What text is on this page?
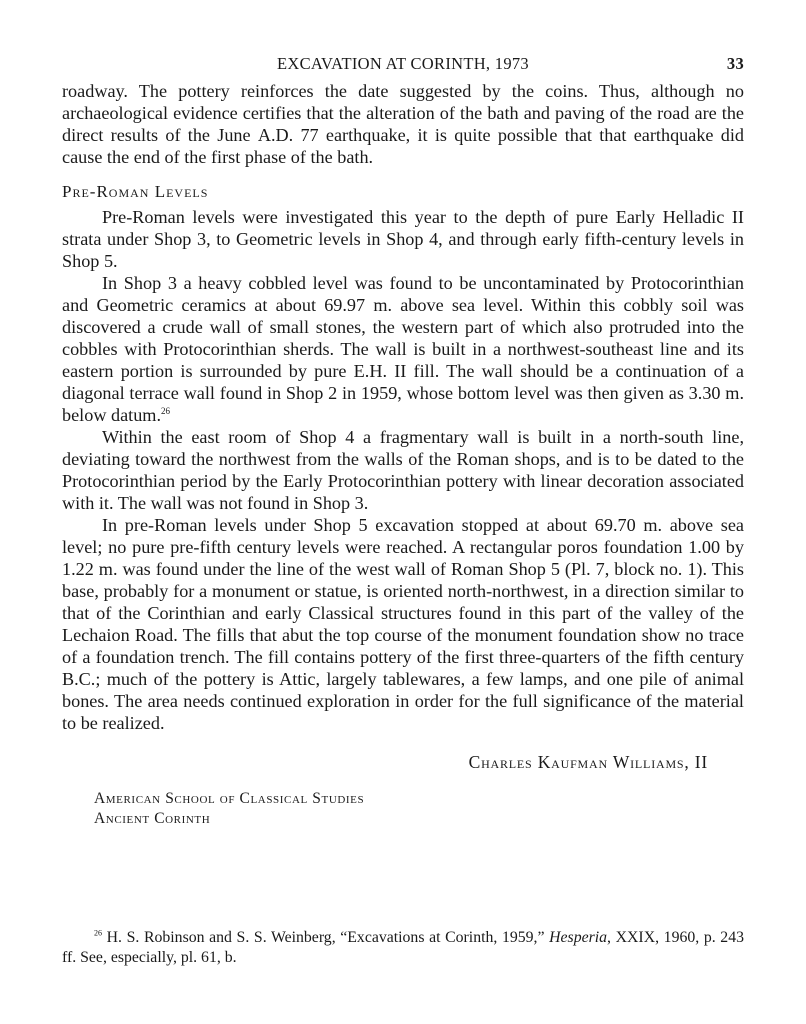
EXCAVATION AT CORINTH, 1973	33

roadway. The pottery reinforces the date suggested by the coins. Thus, although no archaeological evidence certifies that the alteration of the bath and paving of the road are the direct results of the June A.D. 77 earthquake, it is quite possible that that earthquake did cause the end of the first phase of the bath.

Pre-Roman Levels

Pre-Roman levels were investigated this year to the depth of pure Early Helladic II strata under Shop 3, to Geometric levels in Shop 4, and through early fifth-century levels in Shop 5.

In Shop 3 a heavy cobbled level was found to be uncontaminated by Protocorinthian and Geometric ceramics at about 69.97 m. above sea level. Within this cobbly soil was discovered a crude wall of small stones, the western part of which also protruded into the cobbles with Protocorinthian sherds. The wall is built in a northwest-southeast line and its eastern portion is surrounded by pure E.H. II fill. The wall should be a continuation of a diagonal terrace wall found in Shop 2 in 1959, whose bottom level was then given as 3.30 m. below datum.$^{26}$

Within the east room of Shop 4 a fragmentary wall is built in a north-south line, deviating toward the northwest from the walls of the Roman shops, and is to be dated to the Protocorinthian period by the Early Protocorinthian pottery with linear decoration associated with it. The wall was not found in Shop 3.

In pre-Roman levels under Shop 5 excavation stopped at about 69.70 m. above sea level; no pure pre-fifth century levels were reached. A rectangular poros foundation 1.00 by 1.22 m. was found under the line of the west wall of Roman Shop 5 (Pl. 7, block no. 1). This base, probably for a monument or statue, is oriented north-northwest, in a direction similar to that of the Corinthian and early Classical structures found in this part of the valley of the Lechaion Road. The fills that abut the top course of the monument foundation show no trace of a foundation trench. The fill contains pottery of the first three-quarters of the fifth century B.C.; much of the pottery is Attic, largely tablewares, a few lamps, and one pile of animal bones. The area needs continued exploration in order for the full significance of the material to be realized.

Charles Kaufman Williams, II
American School of Classical Studies
Ancient Corinth
$^{26}$ H. S. Robinson and S. S. Weinberg, “Excavations at Corinth, 1959,” Hesperia, XXIX, 1960, p. 243 ff. See, especially, pl. 61, b.
